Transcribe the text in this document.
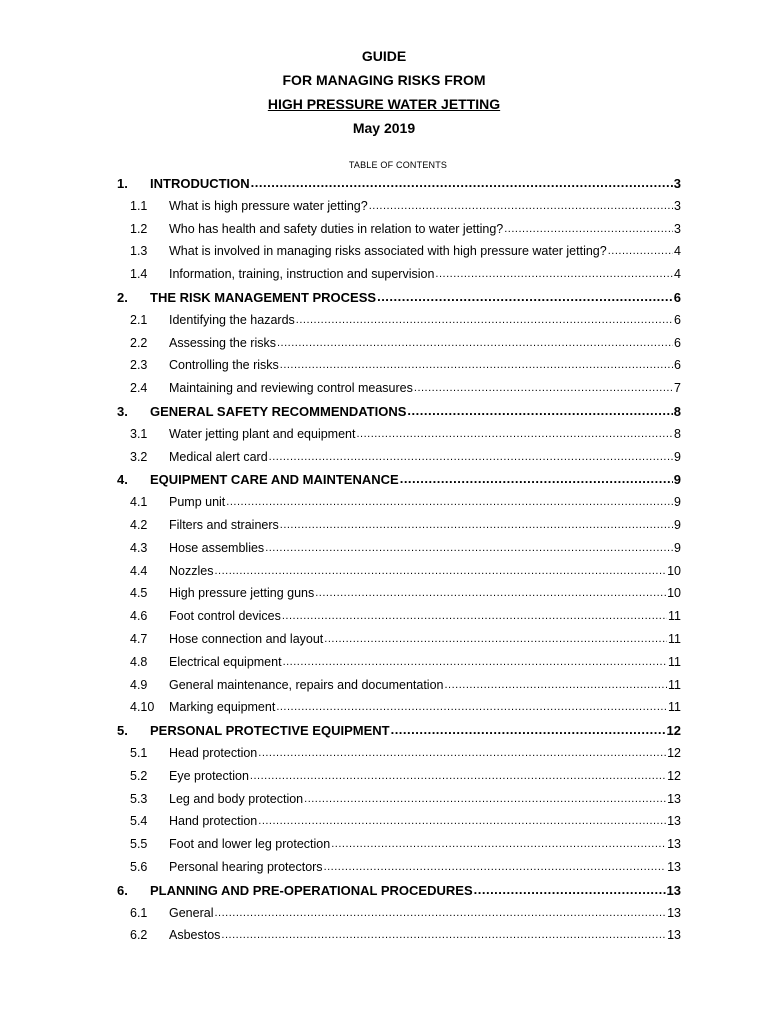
GUIDE
FOR MANAGING RISKS FROM
HIGH PRESSURE WATER JETTING
May 2019
TABLE OF CONTENTS
1.	INTRODUCTION .....	3
1.1	What is high pressure water jetting? .....	3
1.2	Who has health and safety duties in relation to water jetting? .....	3
1.3	What is involved in managing risks associated with high pressure water jetting? .....	4
1.4	Information, training, instruction and supervision .....	4
2.	THE RISK MANAGEMENT PROCESS .....	6
2.1	Identifying the hazards .....	6
2.2	Assessing the risks .....	6
2.3	Controlling the risks .....	6
2.4	Maintaining and reviewing control measures .....	7
3.	GENERAL SAFETY RECOMMENDATIONS .....	8
3.1	Water jetting plant and equipment .....	8
3.2	Medical alert card .....	9
4.	EQUIPMENT CARE AND MAINTENANCE .....	9
4.1	Pump unit .....	9
4.2	Filters and strainers .....	9
4.3	Hose assemblies .....	9
4.4	Nozzles .....	10
4.5	High pressure jetting guns .....	10
4.6	Foot control devices .....	11
4.7	Hose connection and layout .....	11
4.8	Electrical equipment .....	11
4.9	General maintenance, repairs and documentation .....	11
4.10	Marking equipment .....	11
5.	PERSONAL PROTECTIVE EQUIPMENT .....	12
5.1	Head protection .....	12
5.2	Eye protection .....	12
5.3	Leg and body protection .....	13
5.4	Hand protection .....	13
5.5	Foot and lower leg protection .....	13
5.6	Personal hearing protectors .....	13
6.	PLANNING AND PRE-OPERATIONAL PROCEDURES .....	13
6.1	General .....	13
6.2	Asbestos .....	13
